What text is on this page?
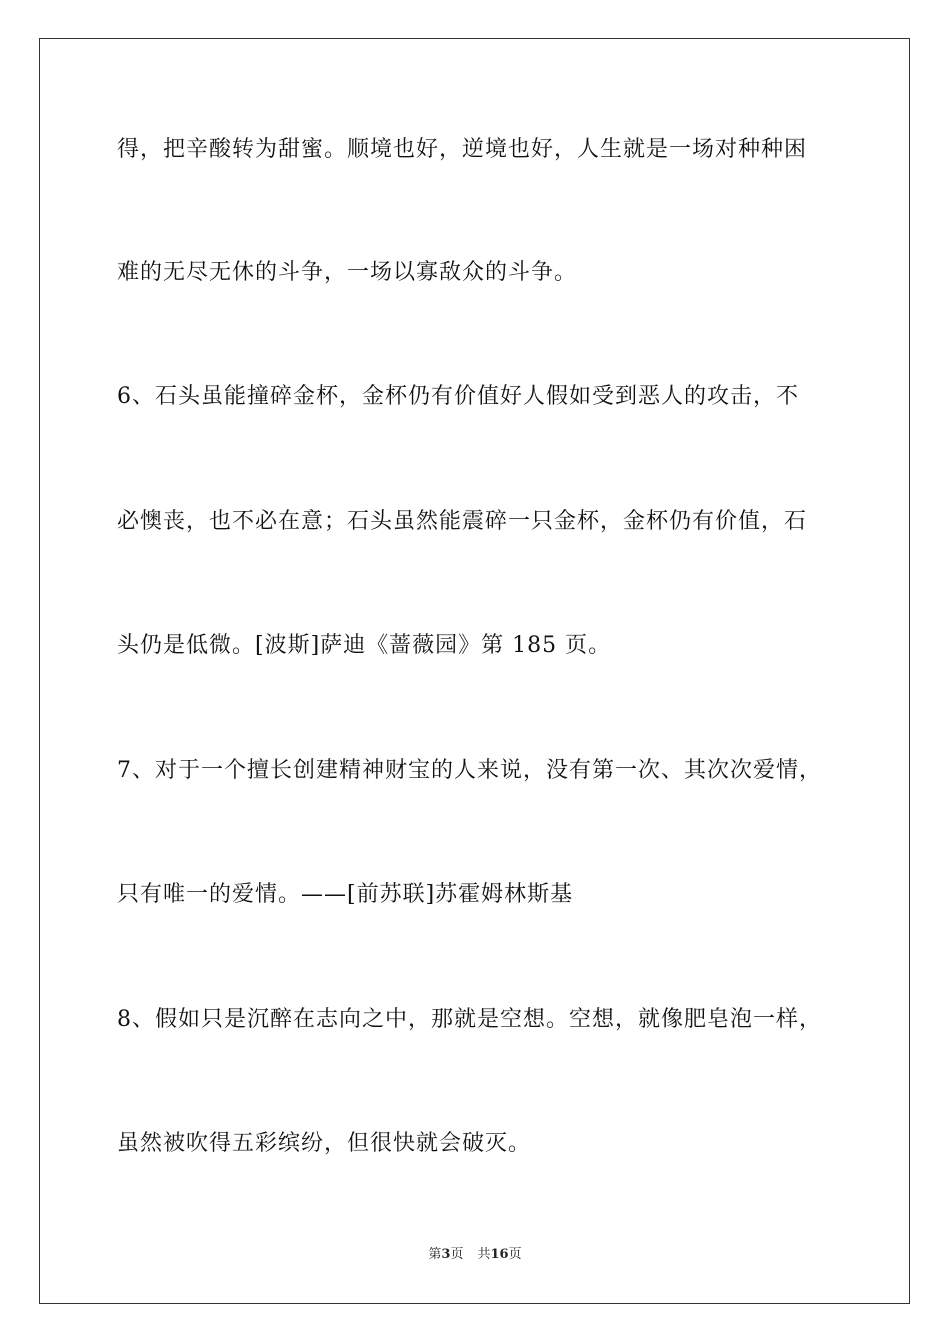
得，把辛酸转为甜蜜。顺境也好，逆境也好，人生就是一场对种种困
难的无尽无休的斗争，一场以寡敌众的斗争。
6、石头虽能撞碎金杯，金杯仍有价值好人假如受到恶人的攻击，不
必懊丧，也不必在意；石头虽然能震碎一只金杯，金杯仍有价值，石
头仍是低微。[波斯]萨迪《蔷薇园》第 185 页。
7、对于一个擅长创建精神财宝的人来说，没有第一次、其次次爱情，
只有唯一的爱情。——[前苏联]苏霍姆林斯基
8、假如只是沉醉在志向之中，那就是空想。空想，就像肥皂泡一样，
虽然被吹得五彩缤纷，但很快就会破灭。
第3页 共16页
